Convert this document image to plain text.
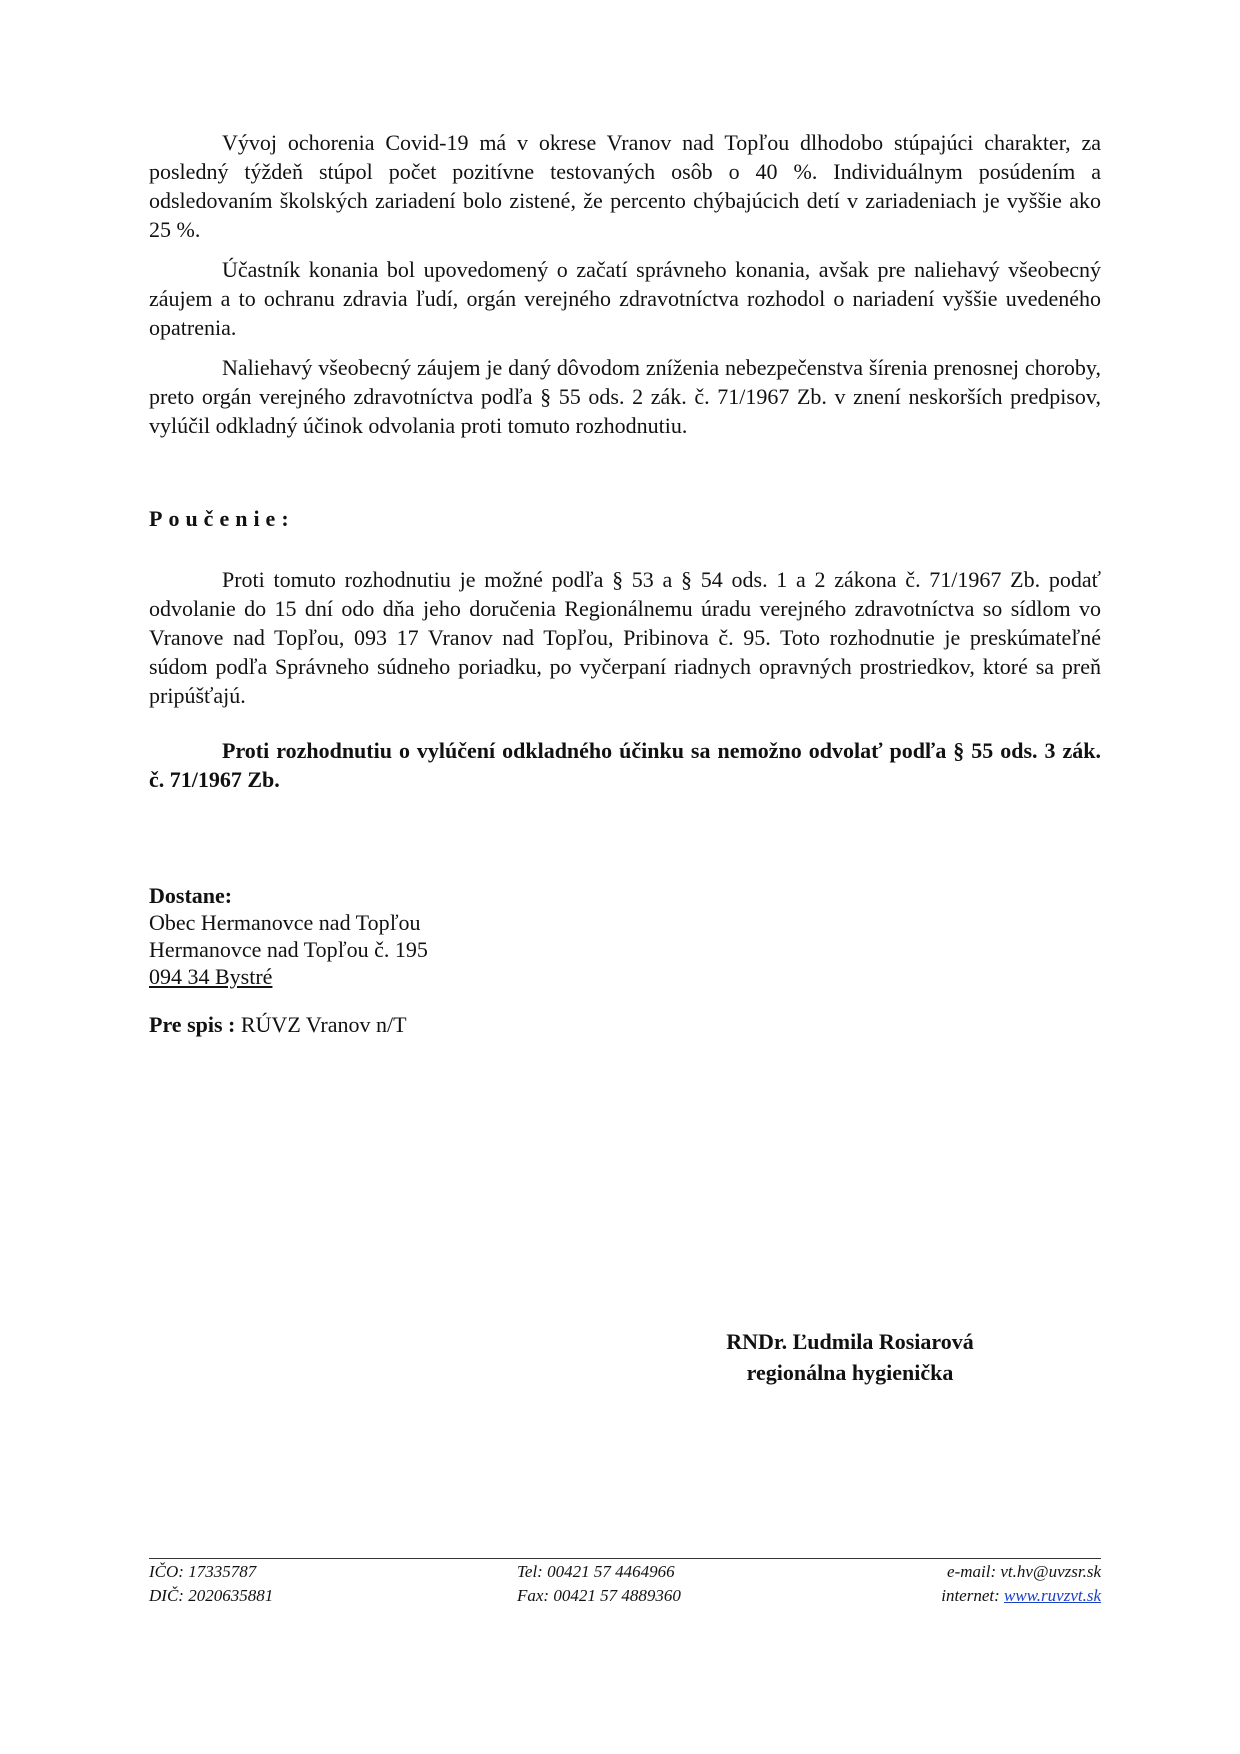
Vývoj ochorenia Covid-19 má v okrese Vranov nad Topľou dlhodobo stúpajúci charakter, za posledný týždeň stúpol počet pozitívne testovaných osôb o 40 %. Individuálnym posúdením a odsledovaním školských zariadení bolo zistené, že percento chýbajúcich detí v zariadeniach je vyššie ako 25 %.

Účastník konania bol upovedomený o začatí správneho konania, avšak pre naliehavý všeobecný záujem a to ochranu zdravia ľudí, orgán verejného zdravotníctva rozhodol o nariadení vyššie uvedeného opatrenia.

Naliehavý všeobecný záujem je daný dôvodom zníženia nebezpečenstva šírenia prenosnej choroby, preto orgán verejného zdravotníctva podľa § 55 ods. 2 zák. č. 71/1967 Zb. v znení neskorších predpisov, vylúčil odkladný účinok odvolania proti tomuto rozhodnutiu.

Poučenie:

Proti tomuto rozhodnutiu je možné podľa § 53 a § 54 ods. 1 a 2 zákona č. 71/1967 Zb. podať odvolanie do 15 dní odo dňa jeho doručenia Regionálnemu úradu verejného zdravotníctva so sídlom vo Vranove nad Topľou, 093 17 Vranov nad Topľou, Pribinova č. 95. Toto rozhodnutie je preskúmateľné súdom podľa Správneho súdneho poriadku, po vyčerpaní riadnych opravných prostriedkov, ktoré sa preň pripúšťajú.

Proti rozhodnutiu o vylúčení odkladného účinku sa nemožno odvolať podľa § 55 ods. 3 zák. č. 71/1967 Zb.

Dostane:
Obec Hermanovce nad Topľou
Hermanovce nad Topľou č. 195
094 34 Bystré
Pre spis : RÚVZ Vranov n/T
RNDr. Ľudmila Rosiarová
regionálna hygienička
IČO: 17335787
DIČ: 2020635881
Tel: 00421 57 4464966
Fax: 00421 57 4889360
e-mail: vt.hv@uvzsr.sk
internet: www.ruvzvt.sk
